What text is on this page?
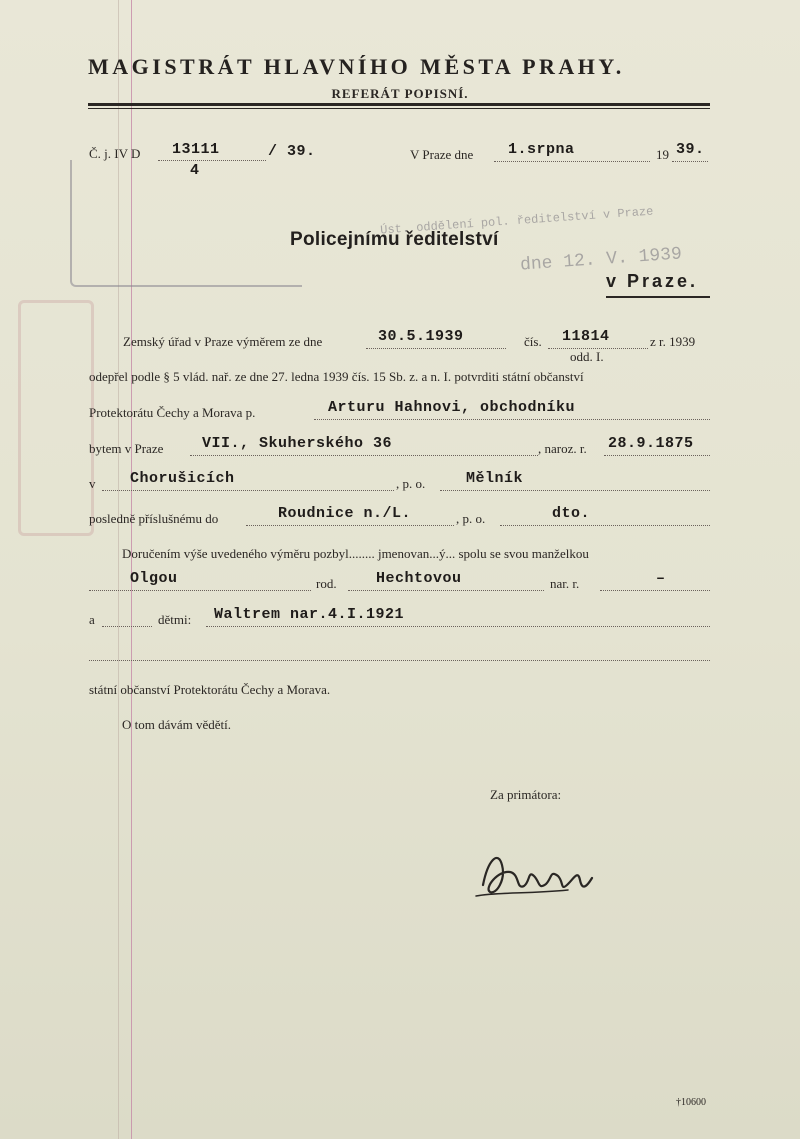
Úst. oddělení pol. ředitelství v Praze
dne 12. V. 1939
MAGISTRÁT HLAVNÍHO MĚSTA PRAHY.
REFERÁT POPISNÍ.
Č. j. IV D 13111	/ 39.
4
V Praze dne 1.srpna	19 39.
Policejnímu ředitelství
v Praze.
Zemský úřad v Praze výměrem ze dne	30.5.1939	čís. 11814	z r. 1939
odd. I.
odepřel podle § 5 vlád. nař. ze dne 27. ledna 1939 čís. 15 Sb. z. a n. I. potvrditi státní občanství
Protektorátu Čechy a Morava p.	Arturu Hahnovi, obchodníku
bytem v Praze	VII., Skuherského 36	, naroz. r. 28.9.1875
v Chorušicích	, p. o.	Mělník
posledně příslušnému do	Roudnice n./L.	, p. o.	dto.
Doručením výše uvedeného výměru pozbyl........ jmenovan...ý... spolu se svou manželkou
Olgou	rod.	Hechtovou	nar. r.	–
a	dětmi: Waltrem nar.4.I.1921
státní občanství Protektorátu Čechy a Morava.
O tom dávám vědětí.
Za primátora:
†10600
